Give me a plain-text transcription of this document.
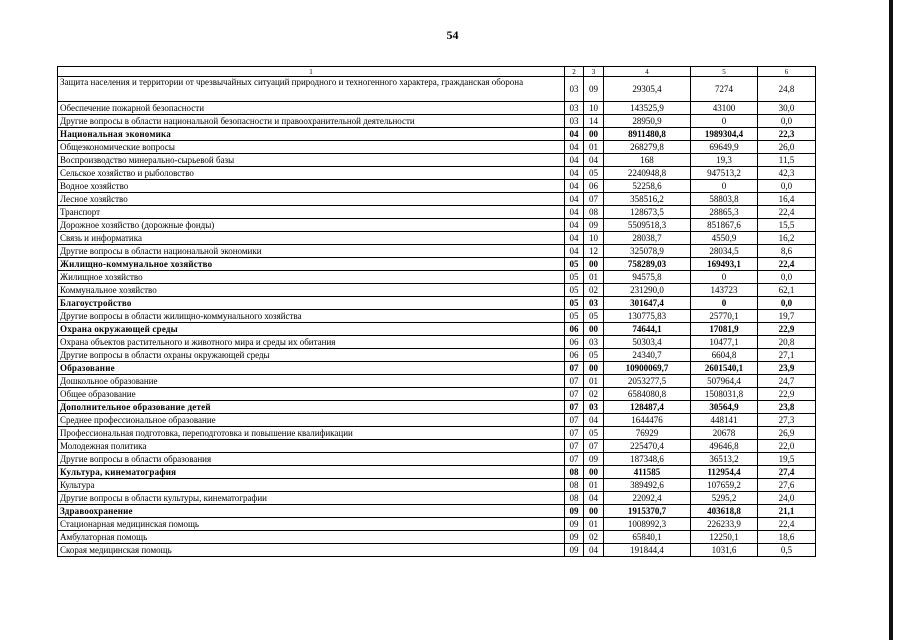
54
1	2	3	4	5	6
Защита населения и территории от чрезвычайных ситуаций природного и техногенного характера, гражданская оборона	03	09	29305,4	7274	24,8
Обеспечение пожарной безопасности	03	10	143525,9	43100	30,0
Другие вопросы в области национальной безопасности и правоохранительной деятельности	03	14	28950,9	0	0,0
Национальная экономика	04	00	8911480,8	1989304,4	22,3
Общеэкономические вопросы	04	01	268279,8	69649,9	26,0
Воспроизводство минерально-сырьевой базы	04	04	168	19,3	11,5
Сельское хозяйство и рыболовство	04	05	2240948,8	947513,2	42,3
Водное хозяйство	04	06	52258,6	0	0,0
Лесное хозяйство	04	07	358516,2	58803,8	16,4
Транспорт	04	08	128673,5	28865,3	22,4
Дорожное хозяйство (дорожные фонды)	04	09	5509518,3	851867,6	15,5
Связь и информатика	04	10	28038,7	4550,9	16,2
Другие вопросы в области национальной экономики	04	12	325078,9	28034,5	8,6
Жилищно-коммунальное хозяйство	05	00	758289,03	169493,1	22,4
Жилищное хозяйство	05	01	94575,8	0	0,0
Коммунальное хозяйство	05	02	231290,0	143723	62,1
Благоустройство	05	03	301647,4	0	0,0
Другие вопросы в области жилищно-коммунального хозяйства	05	05	130775,83	25770,1	19,7
Охрана окружающей среды	06	00	74644,1	17081,9	22,9
Охрана объектов растительного и животного мира и среды их обитания	06	03	50303,4	10477,1	20,8
Другие вопросы в области охраны окружающей среды	06	05	24340,7	6604,8	27,1
Образование	07	00	10900069,7	2601540,1	23,9
Дошкольное образование	07	01	2053277,5	507964,4	24,7
Общее образование	07	02	6584080,8	1508031,8	22,9
Дополнительное образование детей	07	03	128487,4	30564,9	23,8
Среднее профессиональное образование	07	04	1644476	448141	27,3
Профессиональная подготовка, переподготовка и повышение квалификации	07	05	76929	20678	26,9
Молодежная политика	07	07	225470,4	49646,8	22,0
Другие вопросы в области образования	07	09	187348,6	36513,2	19,5
Культура, кинематография	08	00	411585	112954,4	27,4
Культура	08	01	389492,6	107659,2	27,6
Другие вопросы в области культуры, кинематографии	08	04	22092,4	5295,2	24,0
Здравоохранение	09	00	1915370,7	403618,8	21,1
Стационарная медицинская помощь	09	01	1008992,3	226233,9	22,4
Амбулаторная помощь	09	02	65840,1	12250,1	18,6
Скорая медицинская помощь	09	04	191844,4	1031,6	0,5
